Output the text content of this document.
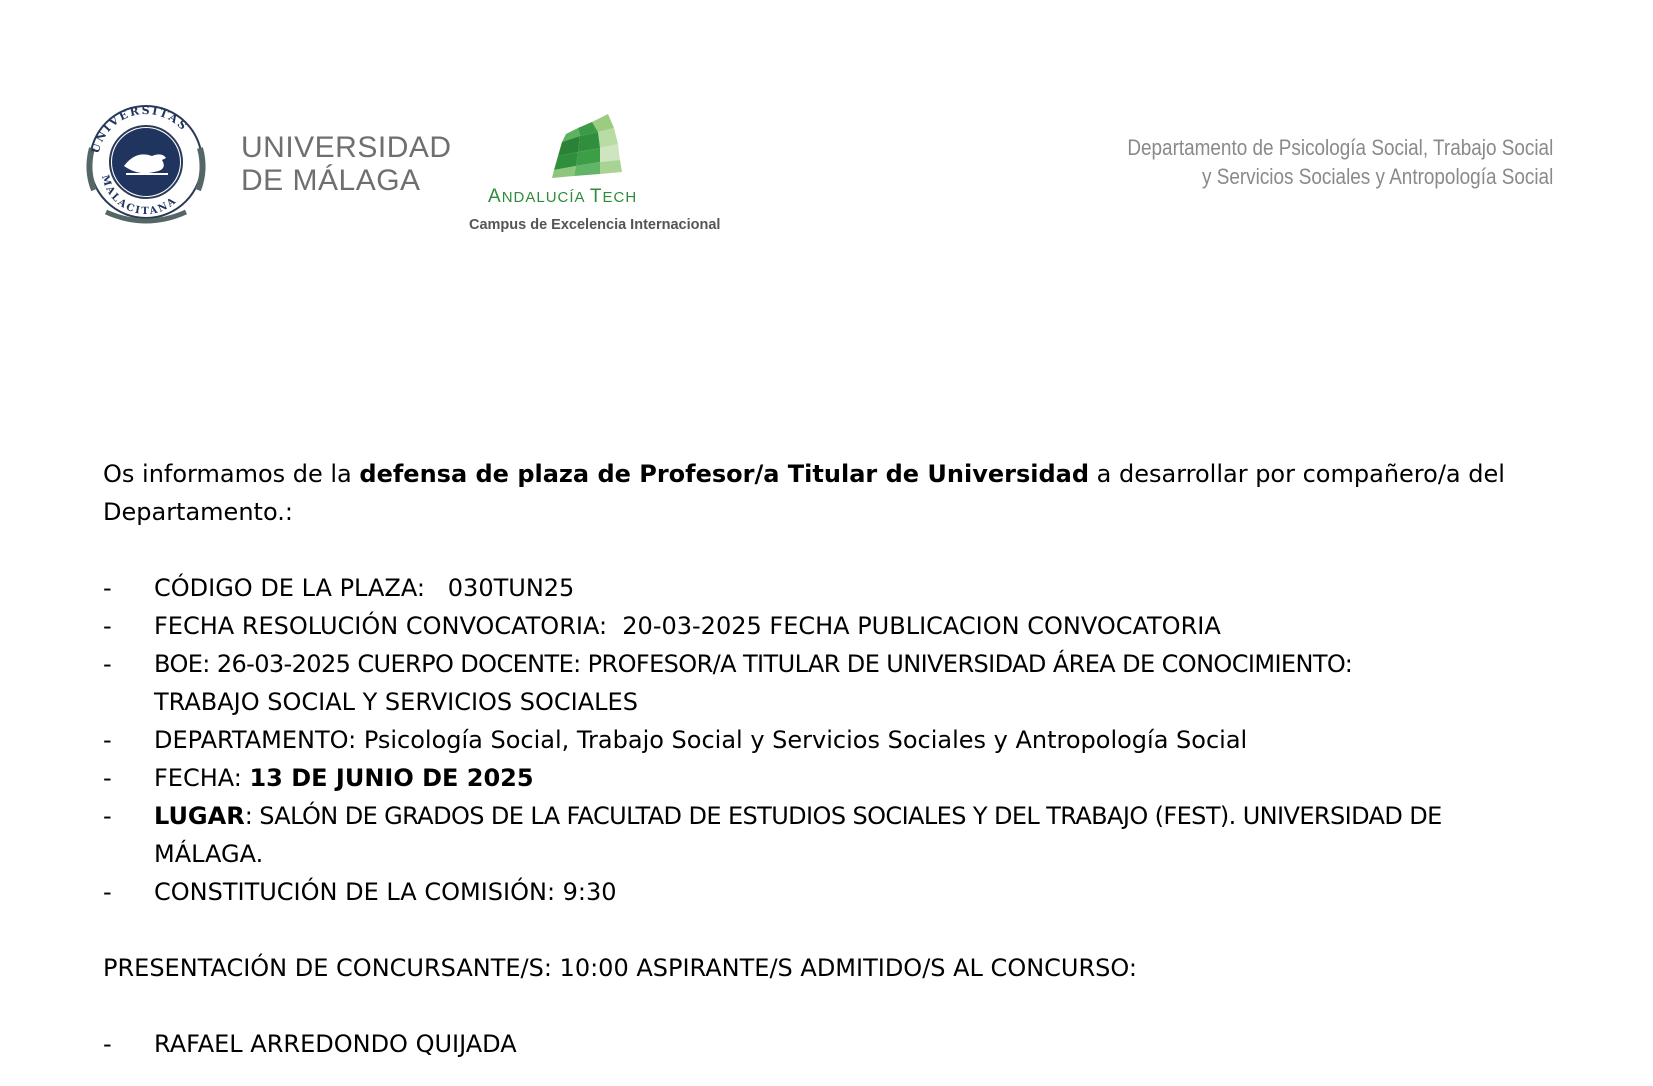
UNIVERSITAS
MALACITANA
UNIVERSIDAD
DE MÁLAGA	ANDALUCÍA TECH
Campus de Excelencia Internacional
Departamento de Psicología Social, Trabajo Social
y Servicios Sociales y Antropología Social

Os informamos de la defensa de plaza de Profesor/a Titular de Universidad a desarrollar por compañero/a del
Departamento.:

- CÓDIGO DE LA PLAZA:   030TUN25
- FECHA RESOLUCIÓN CONVOCATORIA:  20-03-2025 FECHA PUBLICACION CONVOCATORIA
- BOE: 26-03-2025 CUERPO DOCENTE: PROFESOR/A TITULAR DE UNIVERSIDAD ÁREA DE CONOCIMIENTO:
TRABAJO SOCIAL Y SERVICIOS SOCIALES
- DEPARTAMENTO: Psicología Social, Trabajo Social y Servicios Sociales y Antropología Social
- FECHA: 13 DE JUNIO DE 2025
- LUGAR: SALÓN DE GRADOS DE LA FACULTAD DE ESTUDIOS SOCIALES Y DEL TRABAJO (FEST). UNIVERSIDAD DE
MÁLAGA.
- CONSTITUCIÓN DE LA COMISIÓN: 9:30

PRESENTACIÓN DE CONCURSANTE/S: 10:00 ASPIRANTE/S ADMITIDO/S AL CONCURSO:

- RAFAEL ARREDONDO QUIJADA
